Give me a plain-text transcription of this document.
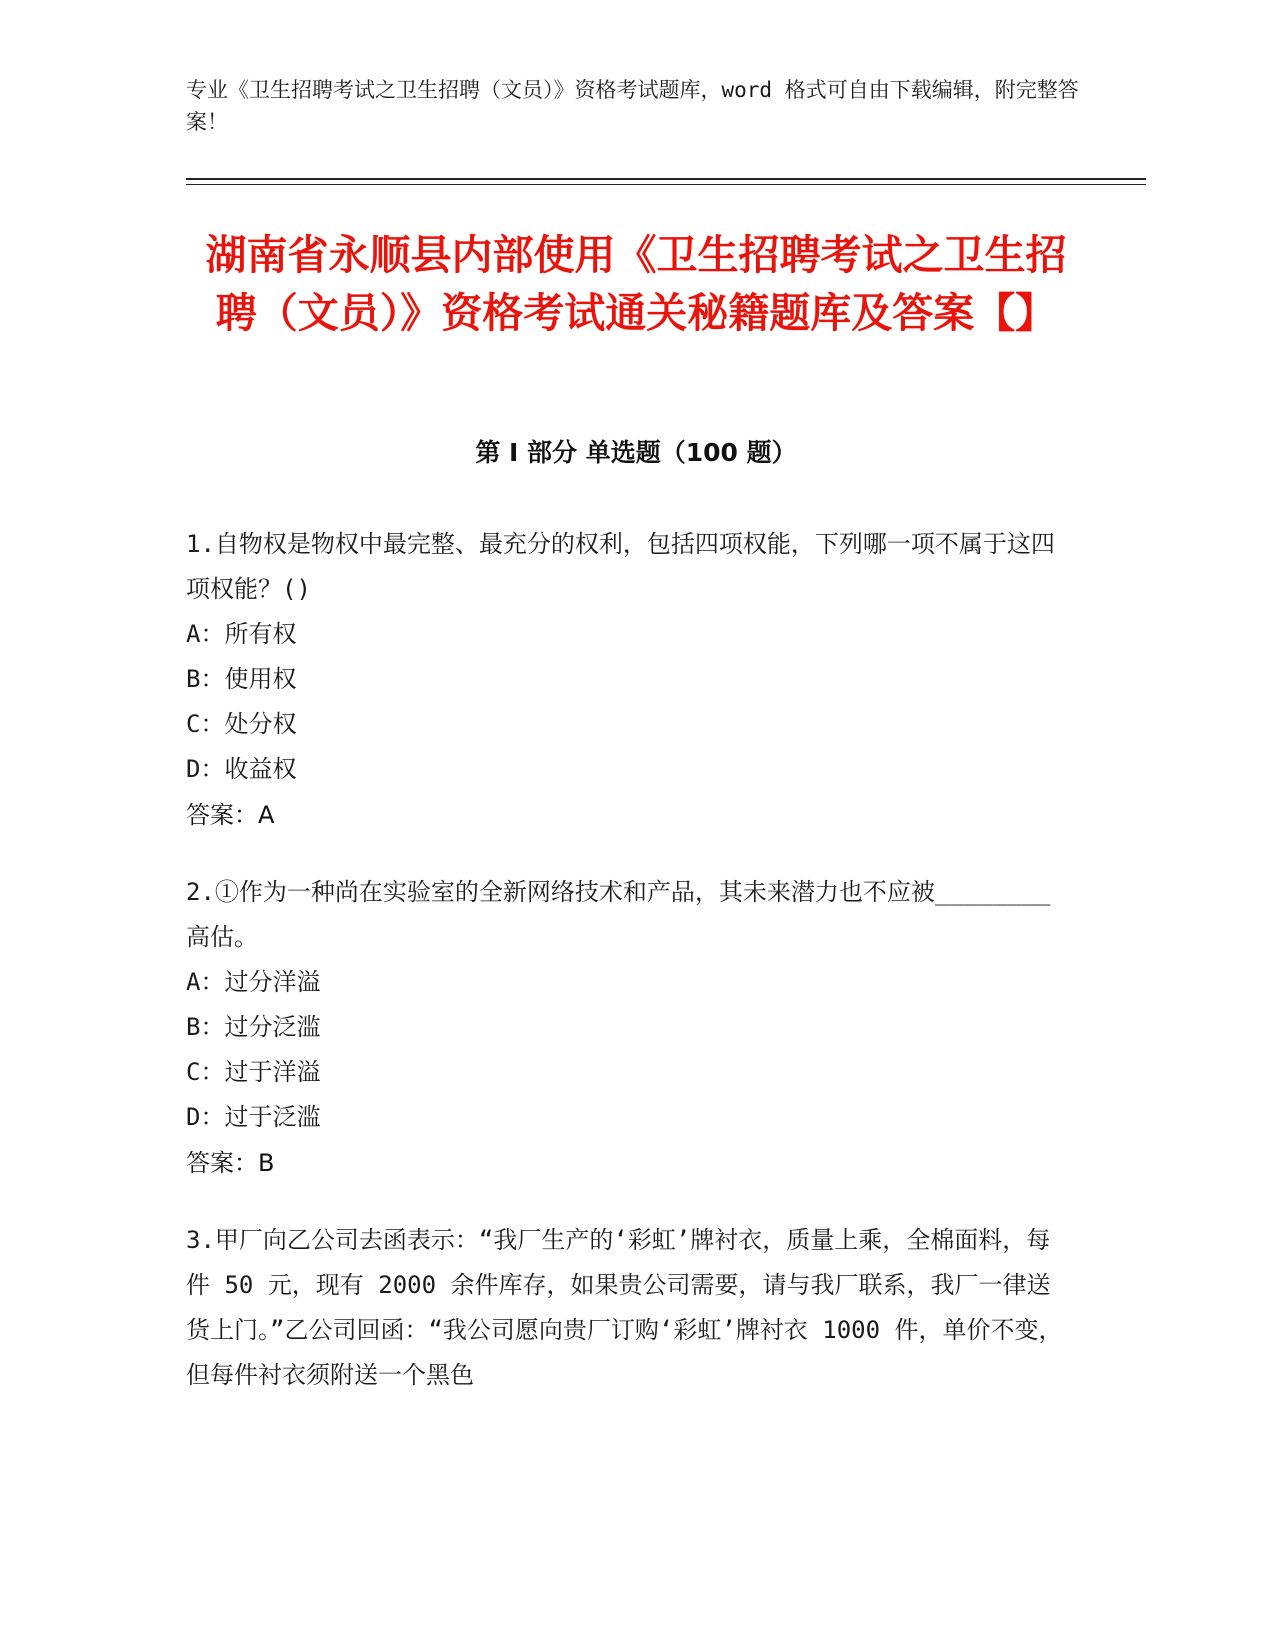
专业《卫生招聘考试之卫生招聘（文员）》资格考试题库，word 格式可自由下载编辑，附完整答案！
湖南省永顺县内部使用《卫生招聘考试之卫生招聘（文员）》资格考试通关秘籍题库及答案【】
第 I 部分 单选题（100 题）

1.自物权是物权中最完整、最充分的权利，包括四项权能，下列哪一项不属于这四项权能？()

A：所有权

B：使用权

C：处分权

D：收益权

答案：A

2.①作为一种尚在实验室的全新网络技术和产品，其未来潜力也不应被________高估。

A：过分洋溢

B：过分泛滥

C：过于洋溢

D：过于泛滥

答案：B

3.甲厂向乙公司去函表示：“我厂生产的‘彩虹’牌衬衣，质量上乘，全棉面料，每件 50 元，现有 2000 余件库存，如果贵公司需要，请与我厂联系，我厂一律送货上门。”乙公司回函：“我公司愿向贵厂订购‘彩虹’牌衬衣 1000 件，单价不变，但每件衬衣须附送一个黑色
